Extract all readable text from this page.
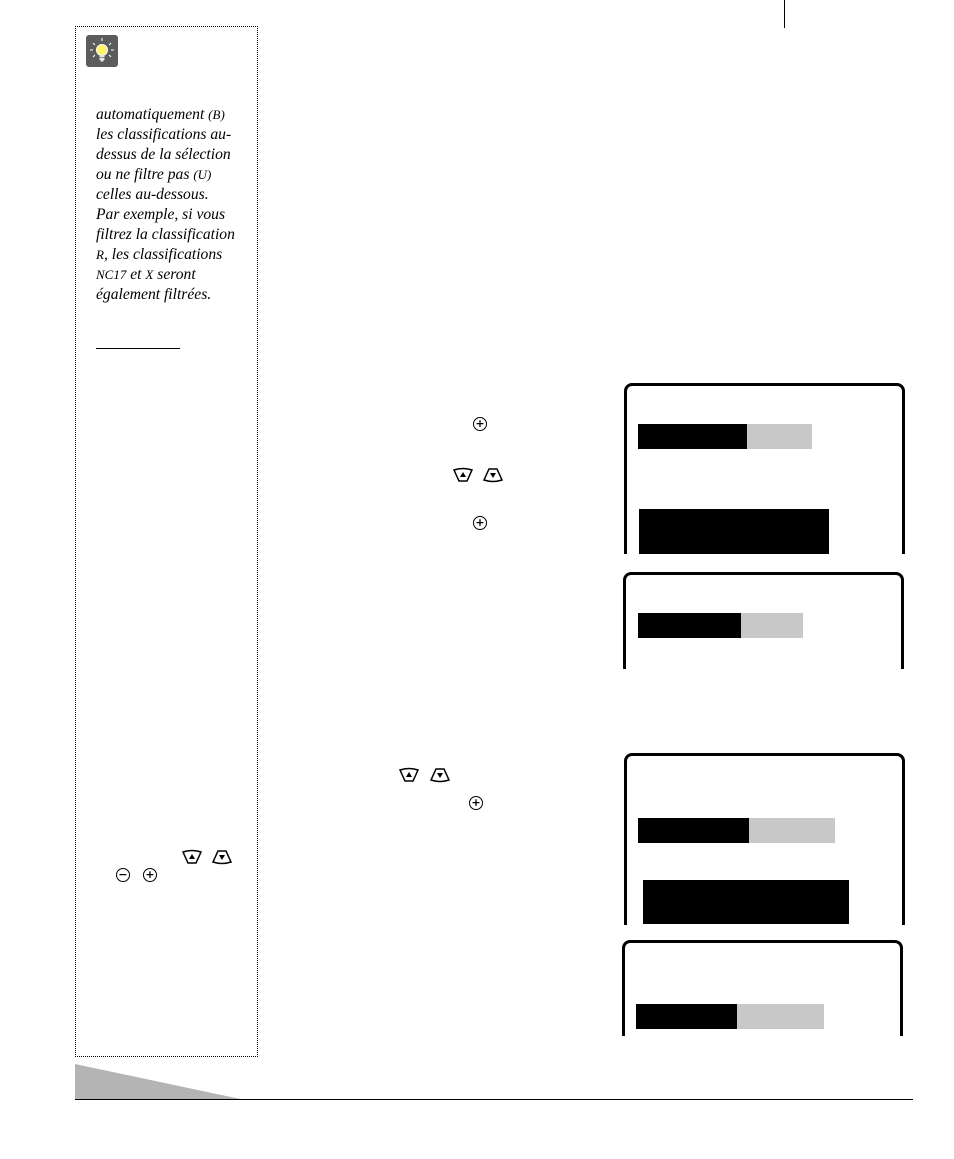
automatiquement (B)
les classifications au-
dessus de la sélection
ou ne filtre pas (U)
celles au-dessous.
Par exemple, si vous
filtrez la classification
R, les classifications
NC17 et X seront
également filtrées.
− +
+
+
+
